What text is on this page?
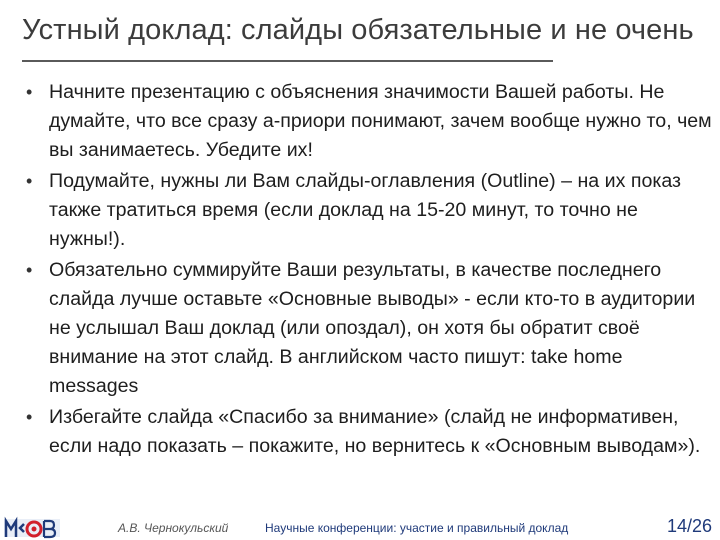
Устный доклад: слайды обязательные и не очень
• Начните презентацию с объяснения значимости Вашей работы. Не думайте, что все сразу а-приори понимают, зачем вообще нужно то, чем вы занимаетесь. Убедите их!
• Подумайте, нужны ли Вам слайды-оглавления (Outline) – на их показ также тратиться время (если доклад на 15-20 минут, то точно не нужны!).
• Обязательно суммируйте Ваши результаты, в качестве последнего слайда лучше оставьте «Основные выводы» - если кто-то в аудитории не услышал Ваш доклад (или опоздал), он хотя бы обратит своё внимание на этот слайд. В английском часто пишут: take home messages
• Избегайте слайда «Спасибо за внимание» (слайд не информативен, если надо показать – покажите, но вернитесь к «Основным выводам»).
А.В. Чернокульский	Научные конференции: участие и правильный доклад	14/26
